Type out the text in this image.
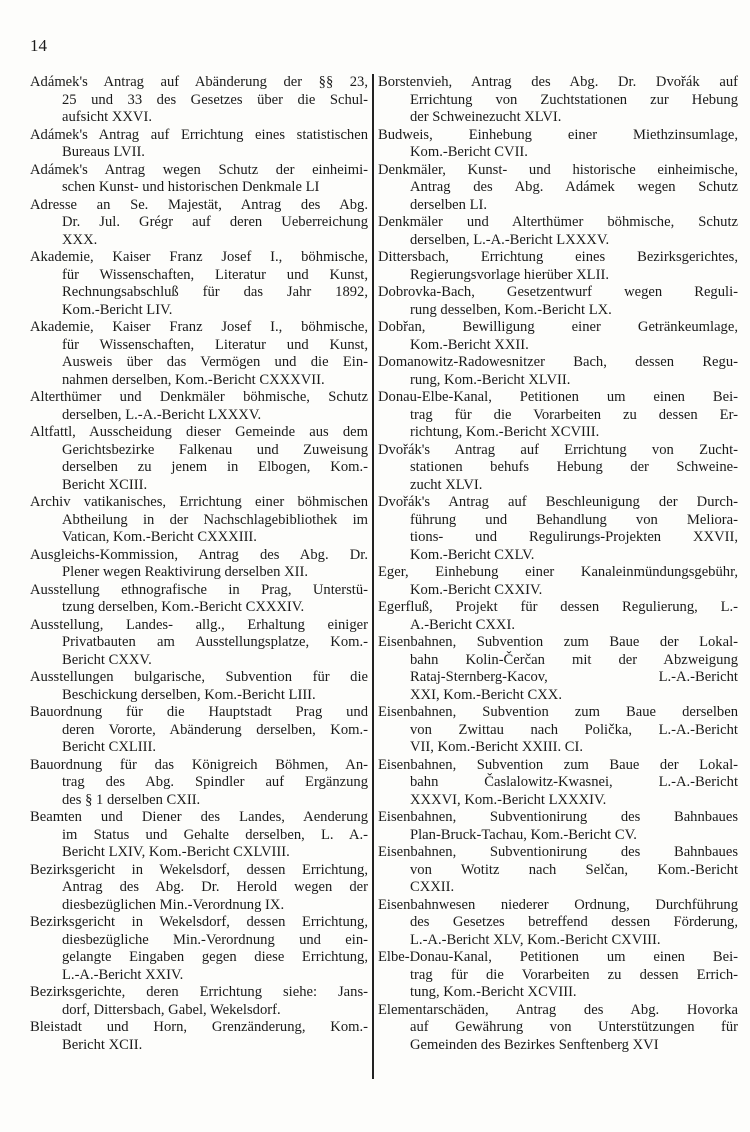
14
Adámek's Antrag auf Abänderung der §§ 23,
25 und 33 des Gesetzes über die Schul-
aufsicht XXVI.
Adámek's Antrag auf Errichtung eines statistischen
Bureaus LVII.
Adámek's Antrag wegen Schutz der einheimi-
schen Kunst- und historischen Denkmale LI
Adresse an Se. Majestät, Antrag des Abg.
Dr. Jul. Grégr auf deren Ueberreichung
XXX.
Akademie, Kaiser Franz Josef I., böhmische,
für Wissenschaften, Literatur und Kunst,
Rechnungsabschluß für das Jahr 1892,
Kom.-Bericht LIV.
Akademie, Kaiser Franz Josef I., böhmische,
für Wissenschaften, Literatur und Kunst,
Ausweis über das Vermögen und die Ein-
nahmen derselben, Kom.-Bericht CXXXVII.
Alterthümer und Denkmäler böhmische, Schutz
derselben, L.-A.-Bericht LXXXV.
Altfattl, Ausscheidung dieser Gemeinde aus dem
Gerichtsbezirke Falkenau und Zuweisung
derselben zu jenem in Elbogen, Kom.-
Bericht XCIII.
Archiv vatikanisches, Errichtung einer böhmischen
Abtheilung in der Nachschlagebibliothek im
Vatican, Kom.-Bericht CXXXIII.
Ausgleichs-Kommission, Antrag des Abg. Dr.
Plener wegen Reaktivirung derselben XII.
Ausstellung ethnografische in Prag, Unterstü-
tzung derselben, Kom.-Bericht CXXXIV.
Ausstellung, Landes- allg., Erhaltung einiger
Privatbauten am Ausstellungsplatze, Kom.-
Bericht CXXV.
Ausstellungen bulgarische, Subvention für die
Beschickung derselben, Kom.-Bericht LIII.
Bauordnung für die Hauptstadt Prag und
deren Vororte, Abänderung derselben, Kom.-
Bericht CXLIII.
Bauordnung für das Königreich Böhmen, An-
trag des Abg. Spindler auf Ergänzung
des § 1 derselben CXII.
Beamten und Diener des Landes, Aenderung
im Status und Gehalte derselben, L. A.-
Bericht LXIV, Kom.-Bericht CXLVIII.
Bezirksgericht in Wekelsdorf, dessen Errichtung,
Antrag des Abg. Dr. Herold wegen der
diesbezüglichen Min.-Verordnung IX.
Bezirksgericht in Wekelsdorf, dessen Errichtung,
diesbezügliche Min.-Verordnung und ein-
gelangte Eingaben gegen diese Errichtung,
L.-A.-Bericht XXIV.
Bezirksgerichte, deren Errichtung siehe: Jans-
dorf, Dittersbach, Gabel, Wekelsdorf.
Bleistadt und Horn, Grenzänderung, Kom.-
Bericht XCII.
Borstenvieh, Antrag des Abg. Dr. Dvořák auf
Errichtung von Zuchtstationen zur Hebung
der Schweinezucht XLVI.
Budweis, Einhebung einer Miethzinsumlage,
Kom.-Bericht CVII.
Denkmäler, Kunst- und historische einheimische,
Antrag des Abg. Adámek wegen Schutz
derselben LI.
Denkmäler und Alterthümer böhmische, Schutz
derselben, L.-A.-Bericht LXXXV.
Dittersbach, Errichtung eines Bezirksgerichtes,
Regierungsvorlage hierüber XLII.
Dobrovka-Bach, Gesetzentwurf wegen Reguli-
rung desselben, Kom.-Bericht LX.
Dobřan, Bewilligung einer Getränkeumlage,
Kom.-Bericht XXII.
Domanowitz-Radowesnitzer Bach, dessen Regu-
rung, Kom.-Bericht XLVII.
Donau-Elbe-Kanal, Petitionen um einen Bei-
trag für die Vorarbeiten zu dessen Er-
richtung, Kom.-Bericht XCVIII.
Dvořák's Antrag auf Errichtung von Zucht-
stationen behufs Hebung der Schweine-
zucht XLVI.
Dvořák's Antrag auf Beschleunigung der Durch-
führung und Behandlung von Meliora-
tions- und Regulirungs-Projekten XXVII,
Kom.-Bericht CXLV.
Eger, Einhebung einer Kanaleinmündungsgebühr,
Kom.-Bericht CXXIV.
Egerfluß, Projekt für dessen Regulierung, L.-
A.-Bericht CXXI.
Eisenbahnen, Subvention zum Baue der Lokal-
bahn Kolin-Čerčan mit der Abzweigung
Rataj-Sternberg-Kacov, L.-A.-Bericht
XXI, Kom.-Bericht CXX.
Eisenbahnen, Subvention zum Baue derselben
von Zwittau nach Polička, L.-A.-Bericht
VII, Kom.-Bericht XXIII. CI.
Eisenbahnen, Subvention zum Baue der Lokal-
bahn Časlalowitz-Kwasnei, L.-A.-Bericht
XXXVI, Kom.-Bericht LXXXIV.
Eisenbahnen, Subventionirung des Bahnbaues
Plan-Bruck-Tachau, Kom.-Bericht CV.
Eisenbahnen, Subventionirung des Bahnbaues
von Wotitz nach Selčan, Kom.-Bericht
CXXII.
Eisenbahnwesen niederer Ordnung, Durchführung
des Gesetzes betreffend dessen Förderung,
L.-A.-Bericht XLV, Kom.-Bericht CXVIII.
Elbe-Donau-Kanal, Petitionen um einen Bei-
trag für die Vorarbeiten zu dessen Errich-
tung, Kom.-Bericht XCVIII.
Elementarschäden, Antrag des Abg. Hovorka
auf Gewährung von Unterstützungen für
Gemeinden des Bezirkes Senftenberg XVI
